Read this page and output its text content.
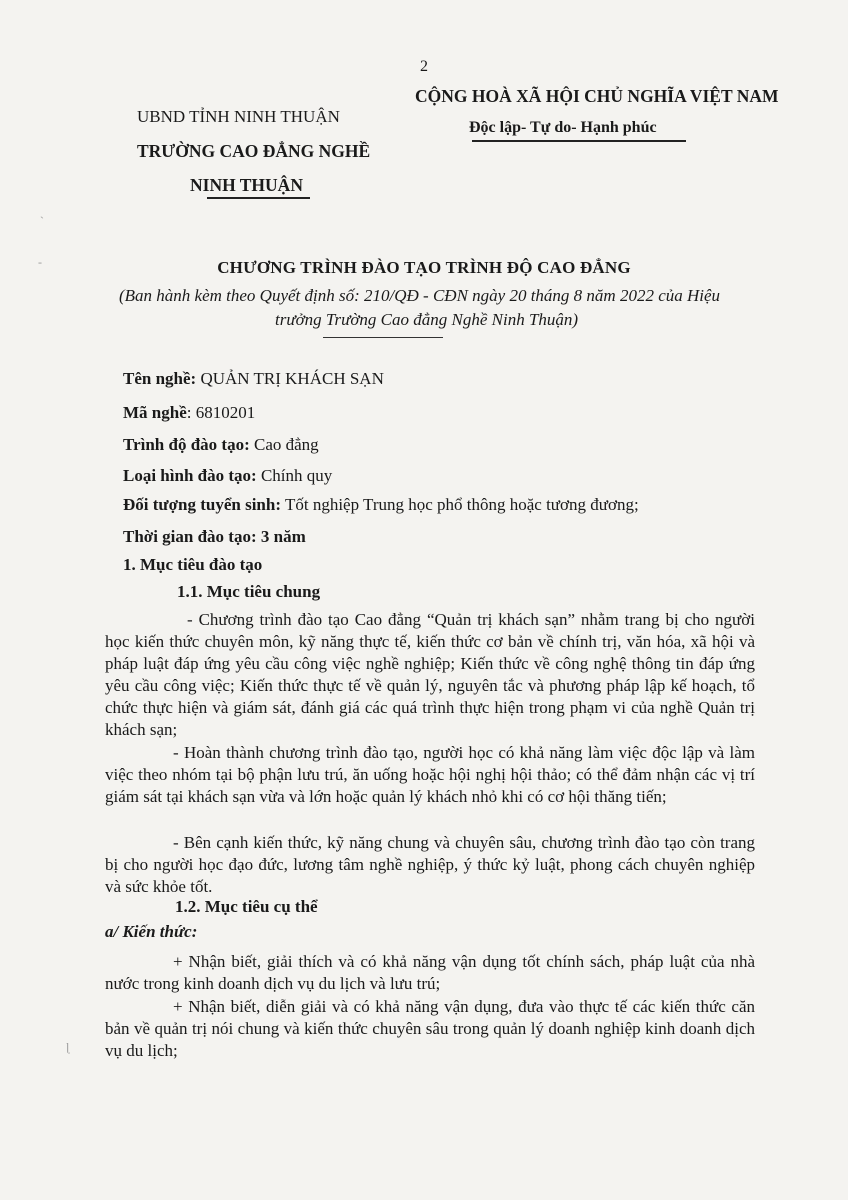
2
UBND TỈNH NINH THUẬN
TRƯỜNG CAO ĐẲNG NGHỀ
NINH THUẬN
CỘNG HOÀ XÃ HỘI CHỦ NGHĨA VIỆT NAM
Độc lập- Tự do- Hạnh phúc
CHƯƠNG TRÌNH ĐÀO TẠO TRÌNH ĐỘ CAO ĐẲNG
(Ban hành kèm theo Quyết định số: 210/QĐ - CĐN ngày 20 tháng 8 năm 2022 của Hiệu
trưởng Trường Cao đẳng Nghề Ninh Thuận)
Tên nghề: QUẢN TRỊ KHÁCH SẠN
Mã nghề: 6810201
Trình độ đào tạo: Cao đẳng
Loại hình đào tạo: Chính quy
Đối tượng tuyển sinh: Tốt nghiệp Trung học phổ thông hoặc tương đương;
Thời gian đào tạo: 3 năm
1. Mục tiêu đào tạo
1.1. Mục tiêu chung
- Chương trình đào tạo Cao đẳng “Quản trị khách sạn” nhằm trang bị cho người học kiến thức chuyên môn, kỹ năng thực tế, kiến thức cơ bản về chính trị, văn hóa, xã hội và pháp luật đáp ứng yêu cầu công việc nghề nghiệp; Kiến thức về công nghệ thông tin đáp ứng yêu cầu công việc; Kiến thức thực tế về quản lý, nguyên tắc và phương pháp lập kế hoạch, tổ chức thực hiện và giám sát, đánh giá các quá trình thực hiện trong phạm vi của nghề Quản trị khách sạn;
- Hoàn thành chương trình đào tạo, người học có khả năng làm việc độc lập và làm việc theo nhóm tại bộ phận lưu trú, ăn uống hoặc hội nghị hội thảo; có thể đảm nhận các vị trí giám sát tại khách sạn vừa và lớn hoặc quản lý khách nhỏ khi có cơ hội thăng tiến;
- Bên cạnh kiến thức, kỹ năng chung và chuyên sâu, chương trình đào tạo còn trang bị cho người học đạo đức, lương tâm nghề nghiệp, ý thức kỷ luật, phong cách chuyên nghiệp và sức khỏe tốt.
1.2. Mục tiêu cụ thể
a/ Kiến thức:
+ Nhận biết, giải thích và có khả năng vận dụng tốt chính sách, pháp luật của nhà nước trong kinh doanh dịch vụ du lịch và lưu trú;
+ Nhận biết, diễn giải và có khả năng vận dụng, đưa vào thực tế các kiến thức căn bản về quản trị nói chung và kiến thức chuyên sâu trong quản lý doanh nghiệp kinh doanh dịch vụ du lịch;
ˏ
-
ɭ
